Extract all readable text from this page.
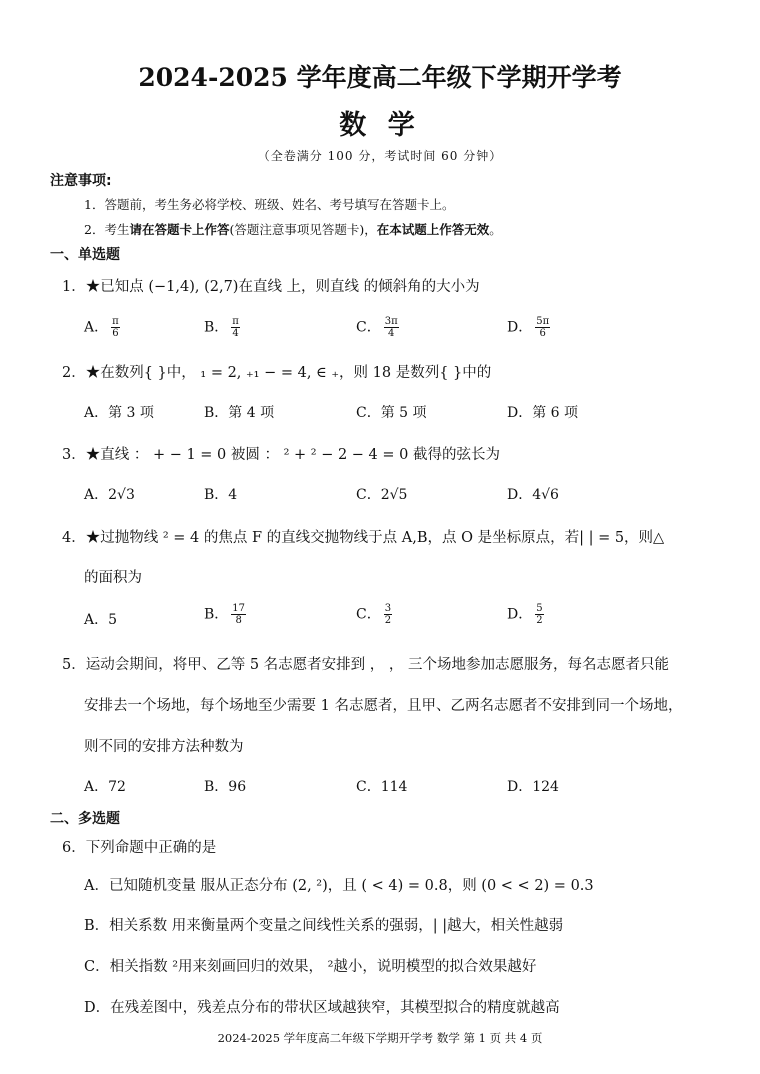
2024-2025 学年度高二年级下学期开学考
数 学
（全卷满分 100 分，考试时间 60 分钟）
注意事项:
1．答题前，考生务必将学校、班级、姓名、考号填写在答题卡上。
2．考生请在答题卡上作答(答题注意事项见答题卡)，在本试题上作答无效。
一、单选题
1．★已知点 (−1,4), (2,7)在直线 上，则直线 的倾斜角的大小为
A． $\frac{\pi}{6}$	B． $\frac{\pi}{4}$	C． $\frac{3\pi}{4}$	D． $\frac{5\pi}{6}$
2．★在数列{ }中， ₁ = 2, ₊₁ − = 4, ∈ ₊，则 18 是数列{ }中的
A．第 3 项	B．第 4 项	C．第 5 项	D．第 6 项
3．★直线 ： + − 1 = 0 被圆 ： ² + ² − 2 − 4 = 0 截得的弦长为
A．2√3	B．4	C．2√5	D．4√6
4．★过抛物线 ² = 4 的焦点 F 的直线交抛物线于点 A,B，点 O 是坐标原点，若| | = 5，则△
的面积为
A．5	B． $\frac{17}{8}$	C． $\frac{3}{2}$	D． $\frac{5}{2}$
5．运动会期间，将甲、乙等 5 名志愿者安排到 ， ， 三个场地参加志愿服务，每名志愿者只能
安排去一个场地，每个场地至少需要 1 名志愿者，且甲、乙两名志愿者不安排到同一个场地，
则不同的安排方法种数为
A．72	B．96	C．114	D．124
二、多选题
6．下列命题中正确的是
A．已知随机变量 服从正态分布 (2, ²)，且 ( < 4) = 0.8，则 (0 < < 2) = 0.3
B．相关系数 用来衡量两个变量之间线性关系的强弱，| |越大，相关性越弱
C．相关指数 ²用来刻画回归的效果， ²越小，说明模型的拟合效果越好
D．在残差图中，残差点分布的带状区域越狭窄，其模型拟合的精度就越高
2024-2025 学年度高二年级下学期开学考 数学 第 1 页 共 4 页
